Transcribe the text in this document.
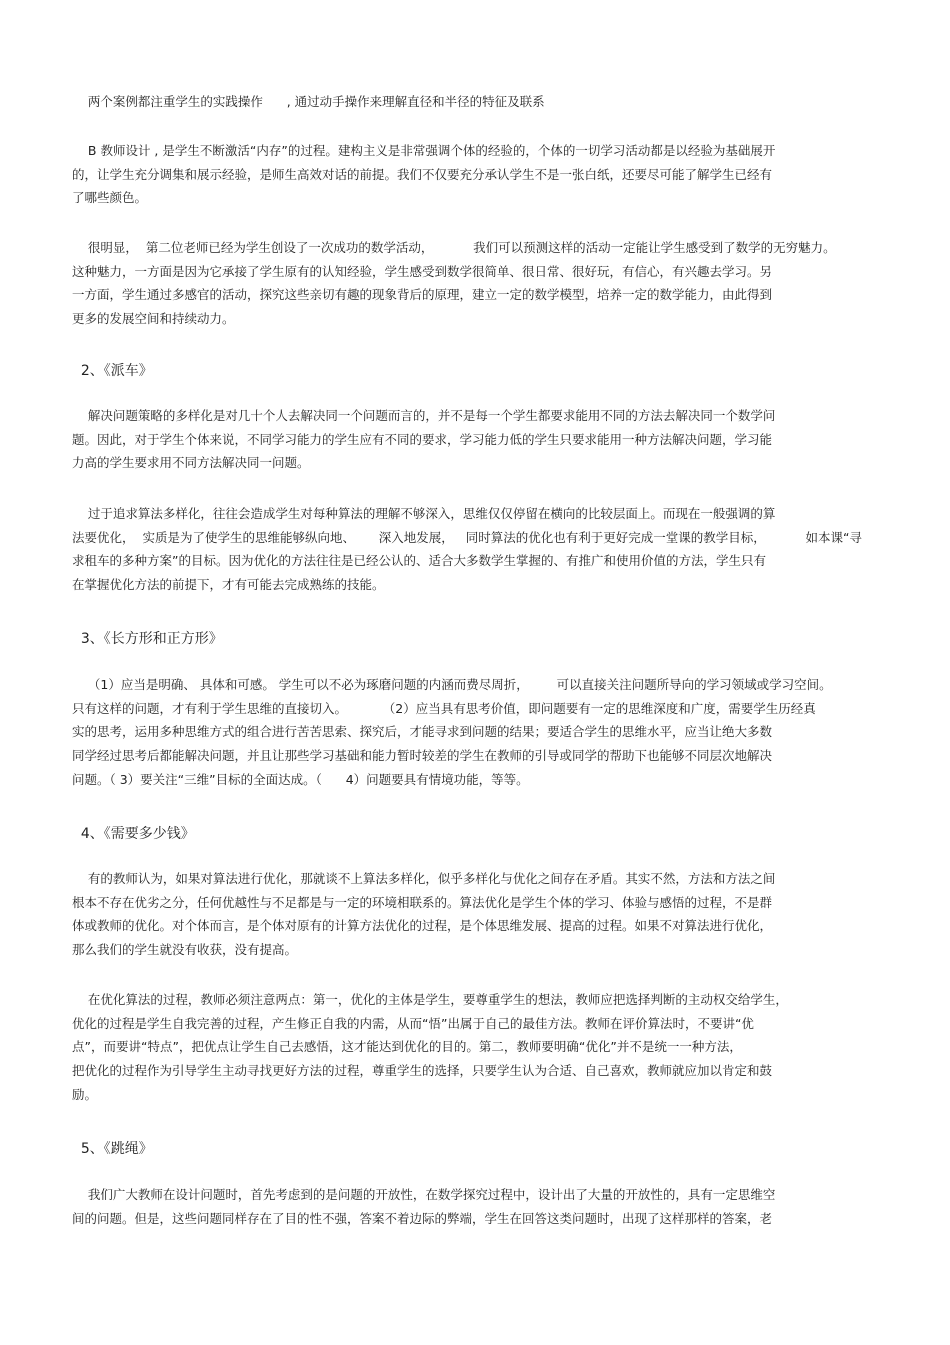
两个案例都注重学生的实践操作      , 通过动手操作来理解直径和半径的特征及联系
B 教师设计 , 是学生不断激活“内存”的过程。建构主义是非常强调个体的经验的，个体的一切学习活动都是以经验为基础展开
的，让学生充分调集和展示经验，是师生高效对话的前提。我们不仅要充分承认学生不是一张白纸，还要尽可能了解学生已经有
了哪些颜色。
很明显，  第二位老师已经为学生创设了一次成功的数学活动，          我们可以预测这样的活动一定能让学生感受到了数学的无穷魅力。
这种魅力，一方面是因为它承接了学生原有的认知经验，学生感受到数学很简单、很日常、很好玩，有信心，有兴趣去学习。另
一方面，学生通过多感官的活动，探究这些亲切有趣的现象背后的原理，建立一定的数学模型，培养一定的数学能力，由此得到
更多的发展空间和持续动力。
2、《派车》
解决问题策略的多样化是对几十个人去解决同一个问题而言的，并不是每一个学生都要求能用不同的方法去解决同一个数学问
题。因此，对于学生个体来说，不同学习能力的学生应有不同的要求，学习能力低的学生只要求能用一种方法解决问题，学习能
力高的学生要求用不同方法解决同一问题。
过于追求算法多样化，往往会造成学生对每种算法的理解不够深入，思维仅仅停留在横向的比较层面上。而现在一般强调的算
法要优化，  实质是为了使学生的思维能够纵向地、      深入地发展，   同时算法的优化也有利于更好完成一堂课的教学目标，          如本课“寻
求租车的多种方案”的目标。因为优化的方法往往是已经公认的、适合大多数学生掌握的、有推广和使用价值的方法，学生只有
在掌握优化方法的前提下，才有可能去完成熟练的技能。
3、《长方形和正方形》
（1）应当是明确、 具体和可感。 学生可以不必为琢磨问题的内涵而费尽周折，       可以直接关注问题所导向的学习领域或学习空间。
只有这样的问题，才有利于学生思维的直接切入。         （2）应当具有思考价值，即问题要有一定的思维深度和广度，需要学生历经真
实的思考，运用多种思维方式的组合进行苦苦思索、探究后，才能寻求到问题的结果；要适合学生的思维水平，应当让绝大多数
同学经过思考后都能解决问题，并且让那些学习基础和能力暂时较差的学生在教师的引导或同学的帮助下也能够不同层次地解决
问题。（ 3）要关注“三维”目标的全面达成。（      4）问题要具有情境功能，等等。
4、《需要多少钱》
有的教师认为，如果对算法进行优化，那就谈不上算法多样化，似乎多样化与优化之间存在矛盾。其实不然，方法和方法之间
根本不存在优劣之分，任何优越性与不足都是与一定的环境相联系的。算法优化是学生个体的学习、体验与感悟的过程，不是群
体或教师的优化。对个体而言，是个体对原有的计算方法优化的过程，是个体思维发展、提高的过程。如果不对算法进行优化，
那么我们的学生就没有收获，没有提高。
在优化算法的过程，教师必须注意两点：第一，优化的主体是学生，要尊重学生的想法，教师应把选择判断的主动权交给学生，
优化的过程是学生自我完善的过程，产生修正自我的内需，从而“悟”出属于自己的最佳方法。教师在评价算法时，不要讲“优
点”，而要讲“特点”，把优点让学生自己去感悟，这才能达到优化的目的。第二，教师要明确“优化”并不是统一一种方法，
把优化的过程作为引导学生主动寻找更好方法的过程，尊重学生的选择，只要学生认为合适、自己喜欢，教师就应加以肯定和鼓
励。
5、《跳绳》
我们广大教师在设计问题时，首先考虑到的是问题的开放性，在数学探究过程中，设计出了大量的开放性的，具有一定思维空
间的问题。但是，这些问题同样存在了目的性不强，答案不着边际的弊端，学生在回答这类问题时，出现了这样那样的答案，老
